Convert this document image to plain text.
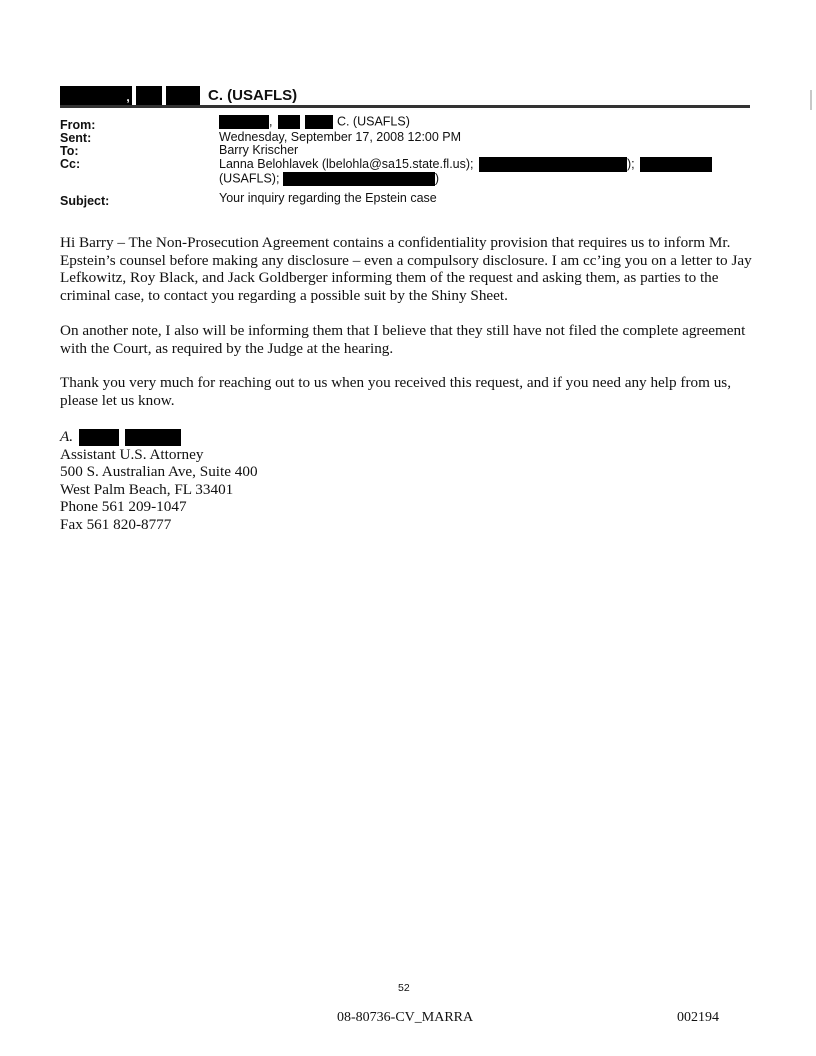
,	C. (USAFLS)
From:	,	C. (USAFLS)
Sent:	Wednesday, September 17, 2008 12:00 PM
To:	Barry Krischer
Cc:	Lanna Belohlavek (lbelohla@sa15.state.fl.us);	);
(USAFLS);	)
Subject:	Your inquiry regarding the Epstein case
Hi Barry – The Non-Prosecution Agreement contains a confidentiality provision that requires us to inform Mr. Epstein’s counsel before making any disclosure – even a compulsory disclosure. I am cc’ing you on a letter to Jay Lefkowitz, Roy Black, and Jack Goldberger informing them of the request and asking them, as parties to the criminal case, to contact you regarding a possible suit by the Shiny Sheet.
On another note, I also will be informing them that I believe that they still have not filed the complete agreement with the Court, as required by the Judge at the hearing.
Thank you very much for reaching out to us when you received this request, and if you need any help from us, please let us know.
A.
Assistant U.S. Attorney
500 S. Australian Ave, Suite 400
West Palm Beach, FL 33401
Phone 561 209-1047
Fax 561 820-8777
52
08-80736-CV_MARRA	002194
